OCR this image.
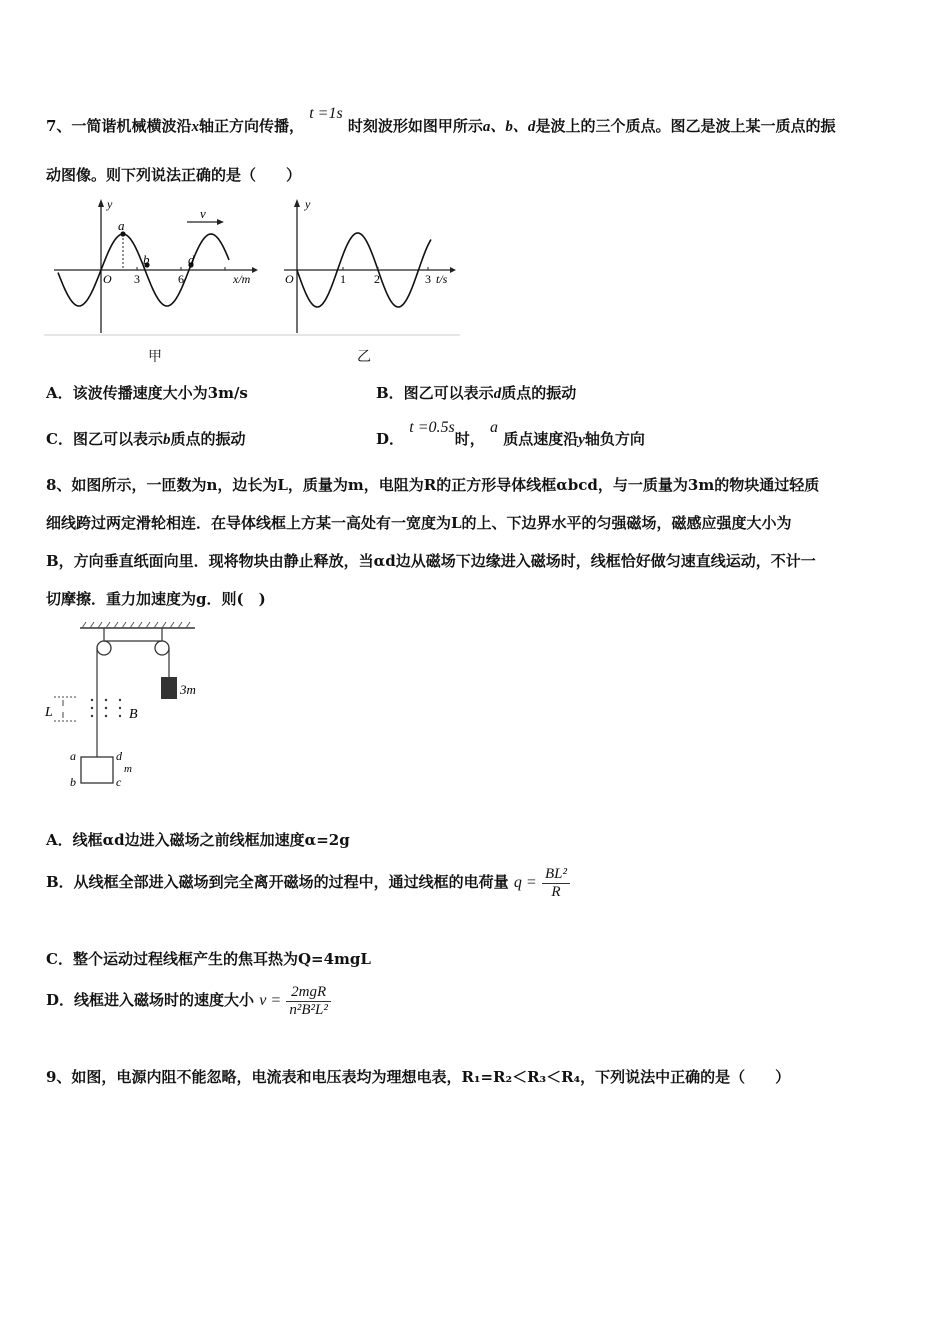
7、一简谐机械横波沿x轴正方向传播， t =1s 时刻波形如图甲所示a、b、d是波上的三个质点。图乙是波上某一质点的振
动图像。则下列说法正确的是（　　）
y
v
a
b	d
O 3	6	x/m
y
O	1 2	3 t/s
甲	乙
A．该波传播速度大小为3m/s	B．图乙可以表示d质点的振动
C．图乙可以表示b质点的振动	D． t =0.5s时， a 质点速度沿y轴负方向
8、如图所示，一匝数为n，边长为L，质量为m，电阻为R的正方形导体线框αbcd，与一质量为3m的物块通过轻质
细线跨过两定滑轮相连．在导体线框上方某一高处有一宽度为L的上、下边界水平的匀强磁场，磁感应强度大小为
B，方向垂直纸面向里．现将物块由静止释放，当αd边从磁场下边缘进入磁场时，线框恰好做匀速直线运动，不计一
切摩擦．重力加速度为g．则(　)
3m
L	B
a	d
m
b	c
A．线框αd边进入磁场之前线框加速度α=2g
B．从线框全部进入磁场到完全离开磁场的过程中，通过线框的电荷量 $q = \frac{\text{BL²}}{R}$
C．整个运动过程线框产生的焦耳热为Q=4mgL
D．线框进入磁场时的速度大小 $v = \frac{\text{2mgR}}{\text{n²B²L²}}$
9、如图，电源内阻不能忽略，电流表和电压表均为理想电表，R₁=R₂＜R₃＜R₄，下列说法中正确的是（　　）
